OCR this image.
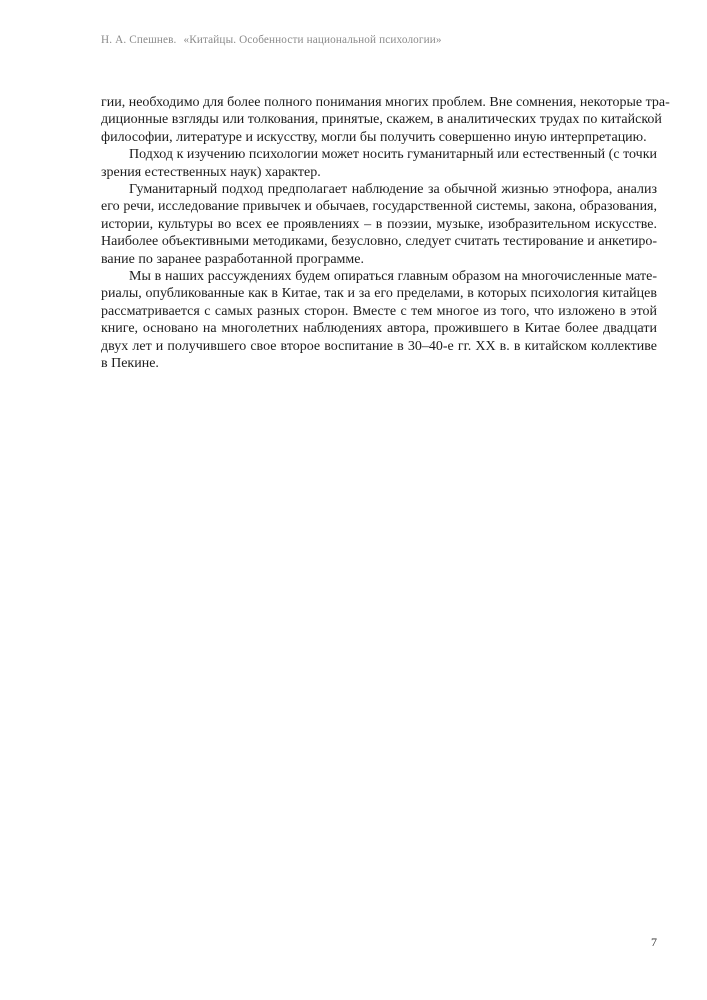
Н. А. Спешнев. «Китайцы. Особенности национальной психологии»

гии, необходимо для более полного понимания многих проблем. Вне сомнения, некоторые тра-
диционные взгляды или толкования, принятые, скажем, в аналитических трудах по китайской
философии, литературе и искусству, могли бы получить совершенно иную интерпретацию.

Подход к изучению психологии может носить гуманитарный или естественный (с точки
зрения естественных наук) характер.

Гуманитарный подход предполагает наблюдение за обычной жизнью этнофора, анализ
его речи, исследование привычек и обычаев, государственной системы, закона, образования,
истории, культуры во всех ее проявлениях – в поэзии, музыке, изобразительном искусстве.
Наиболее объективными методиками, безусловно, следует считать тестирование и анкетиро-
вание по заранее разработанной программе.

Мы в наших рассуждениях будем опираться главным образом на многочисленные мате-
риалы, опубликованные как в Китае, так и за его пределами, в которых психология китайцев
рассматривается с самых разных сторон. Вместе с тем многое из того, что изложено в этой
книге, основано на многолетних наблюдениях автора, прожившего в Китае более двадцати
двух лет и получившего свое второе воспитание в 30–40-е гг. XX в. в китайском коллективе
в Пекине.

7
